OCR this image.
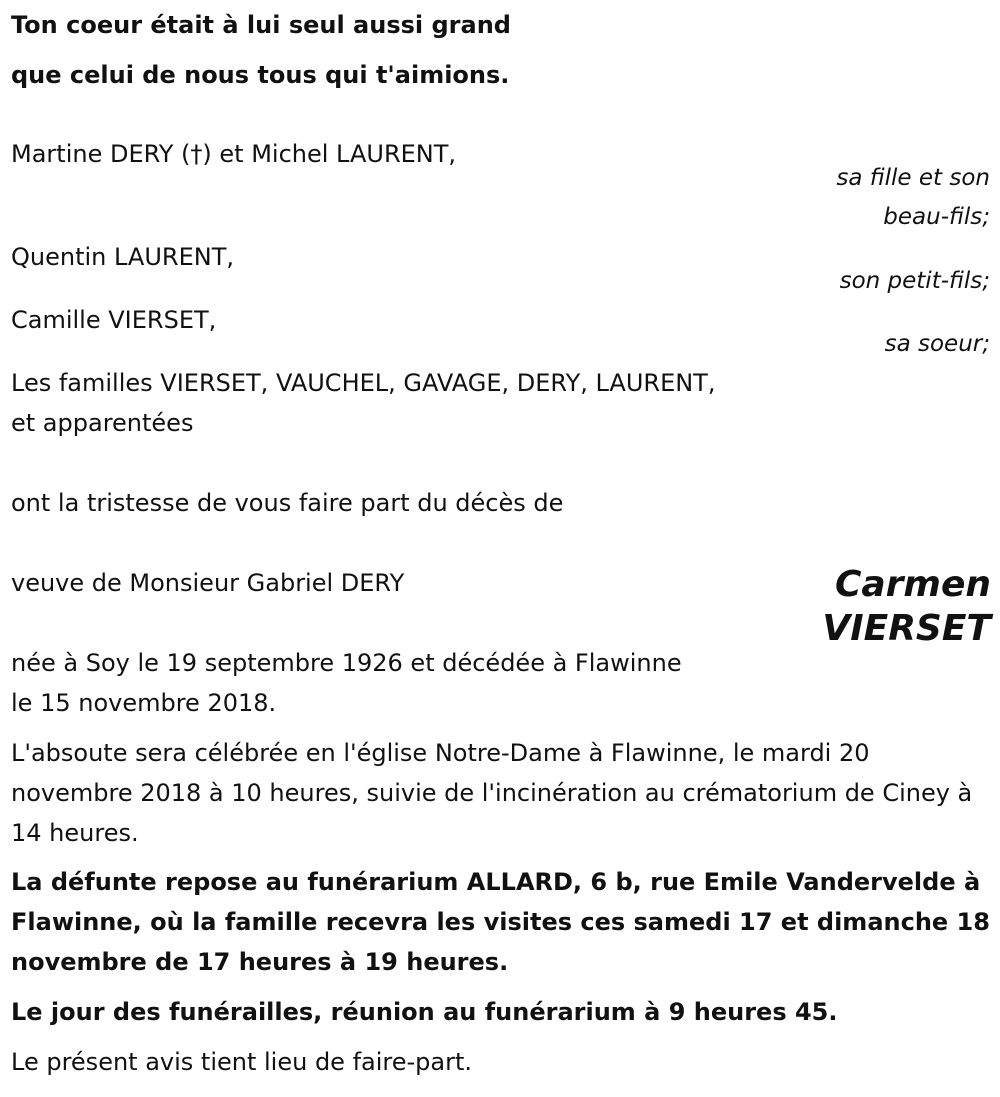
Ton coeur était à lui seul aussi grand
que celui de nous tous qui t'aimions.
Martine DERY (†) et Michel LAURENT,
sa fille et son
beau-fils;
Quentin LAURENT,
son petit-fils;
Camille VIERSET,
sa soeur;
Les familles VIERSET, VAUCHEL, GAVAGE, DERY, LAURENT,
et apparentées
ont la tristesse de vous faire part du décès de
veuve de Monsieur Gabriel DERY	Carmen
VIERSET
née à Soy le 19 septembre 1926 et décédée à Flawinne
le 15 novembre 2018.
L'absoute sera célébrée en l'église Notre-Dame à Flawinne, le mardi 20 novembre 2018 à 10 heures, suivie de l'incinération au crématorium de Ciney à 14 heures.
La défunte repose au funérarium ALLARD, 6 b, rue Emile Vandervelde à Flawinne, où la famille recevra les visites ces samedi 17 et dimanche 18 novembre de 17 heures à 19 heures.
Le jour des funérailles, réunion au funérarium à 9 heures 45.
Le présent avis tient lieu de faire-part.
